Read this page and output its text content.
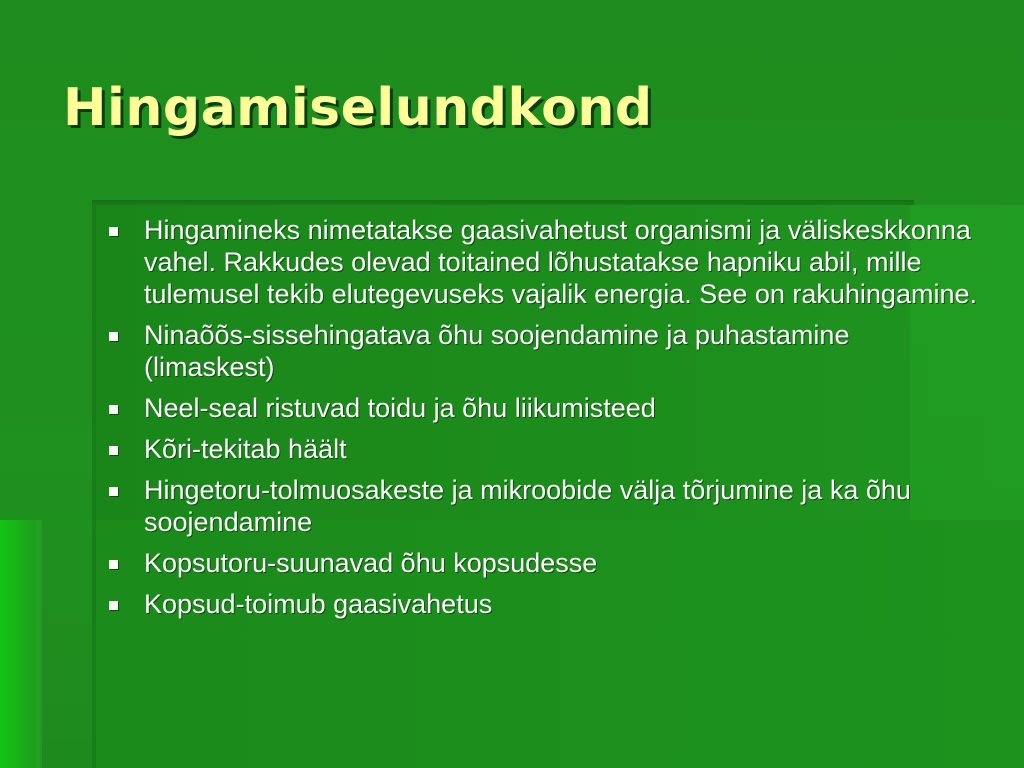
Hingamiselundkond
Hingamineks nimetatakse gaasivahetust organismi ja väliskeskkonna vahel. Rakkudes olevad toitained lõhustatakse hapniku abil, mille tulemusel tekib elutegevuseks vajalik energia. See on rakuhingamine.
Ninaõõs-sissehingatava õhu soojendamine ja puhastamine (limaskest)
Neel-seal ristuvad toidu ja õhu liikumisteed
Kõri-tekitab häält
Hingetoru-tolmuosakeste ja mikroobide välja tõrjumine ja ka õhu soojendamine
Kopsutoru-suunavad õhu kopsudesse
Kopsud-toimub gaasivahetus
